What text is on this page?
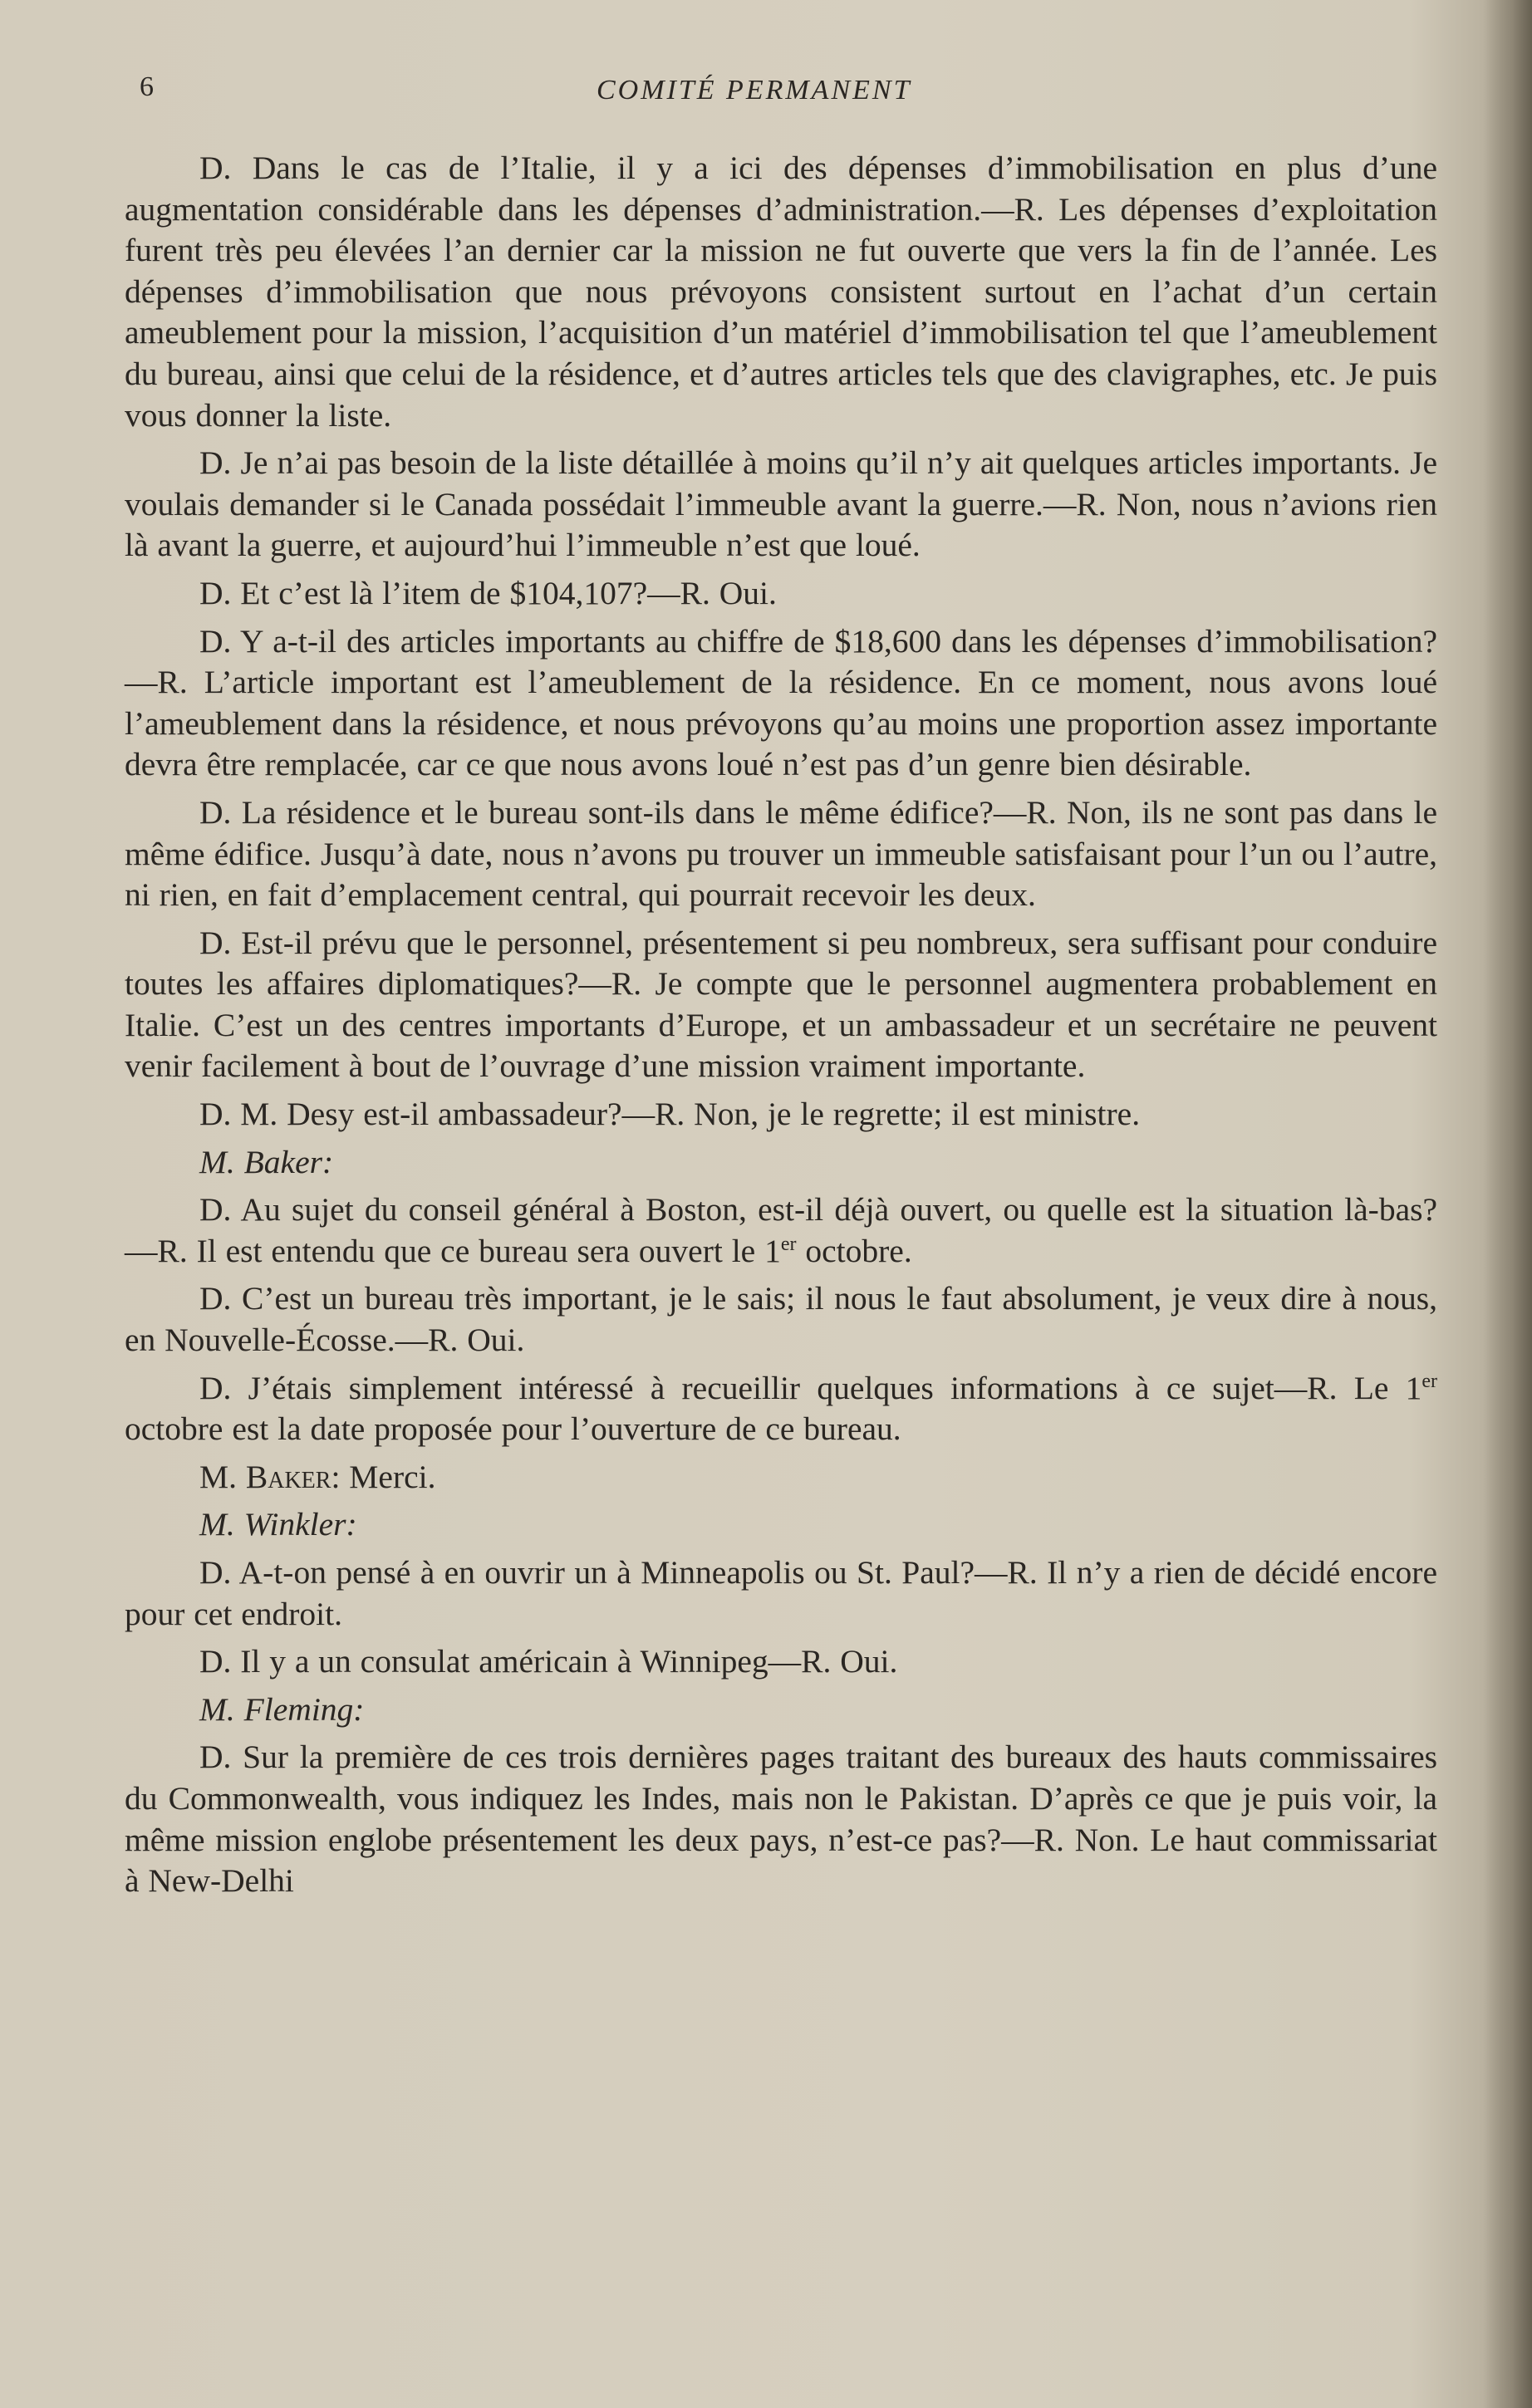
6	COMITÉ PERMANENT

D. Dans le cas de l’Italie, il y a ici des dépenses d’immobilisation en plus d’une augmentation considérable dans les dépenses d’administration.—R. Les dépenses d’exploitation furent très peu élevées l’an dernier car la mission ne fut ouverte que vers la fin de l’année. Les dépenses d’immobilisation que nous prévoyons consistent surtout en l’achat d’un certain ameublement pour la mission, l’acquisition d’un matériel d’immobilisation tel que l’ameublement du bureau, ainsi que celui de la résidence, et d’autres articles tels que des clavigraphes, etc. Je puis vous donner la liste.

D. Je n’ai pas besoin de la liste détaillée à moins qu’il n’y ait quelques articles importants. Je voulais demander si le Canada possédait l’immeuble avant la guerre.—R. Non, nous n’avions rien là avant la guerre, et aujourd’hui l’immeuble n’est que loué.

D. Et c’est là l’item de $104,107?—R. Oui.

D. Y a-t-il des articles importants au chiffre de $18,600 dans les dépenses d’immobilisation?—R. L’article important est l’ameublement de la résidence. En ce moment, nous avons loué l’ameublement dans la résidence, et nous prévoyons qu’au moins une proportion assez importante devra être remplacée, car ce que nous avons loué n’est pas d’un genre bien désirable.

D. La résidence et le bureau sont-ils dans le même édifice?—R. Non, ils ne sont pas dans le même édifice. Jusqu’à date, nous n’avons pu trouver un immeuble satisfaisant pour l’un ou l’autre, ni rien, en fait d’emplacement central, qui pourrait recevoir les deux.

D. Est-il prévu que le personnel, présentement si peu nombreux, sera suffisant pour conduire toutes les affaires diplomatiques?—R. Je compte que le personnel augmentera probablement en Italie. C’est un des centres importants d’Europe, et un ambassadeur et un secrétaire ne peuvent venir facilement à bout de l’ouvrage d’une mission vraiment importante.

D. M. Desy est-il ambassadeur?—R. Non, je le regrette; il est ministre.

M. Baker:

D. Au sujet du conseil général à Boston, est-il déjà ouvert, ou quelle est la situation là-bas?—R. Il est entendu que ce bureau sera ouvert le 1er octobre.

D. C’est un bureau très important, je le sais; il nous le faut absolument, je veux dire à nous, en Nouvelle-Écosse.—R. Oui.

D. J’étais simplement intéressé à recueillir quelques informations à ce sujet—R. Le 1er octobre est la date proposée pour l’ouverture de ce bureau.

M. Baker: Merci.

M. Winkler:

D. A-t-on pensé à en ouvrir un à Minneapolis ou St. Paul?—R. Il n’y a rien de décidé encore pour cet endroit.

D. Il y a un consulat américain à Winnipeg—R. Oui.

M. Fleming:

D. Sur la première de ces trois dernières pages traitant des bureaux des hauts commissaires du Commonwealth, vous indiquez les Indes, mais non le Pakistan. D’après ce que je puis voir, la même mission englobe présentement les deux pays, n’est-ce pas?—R. Non. Le haut commissariat à New-Delhi
